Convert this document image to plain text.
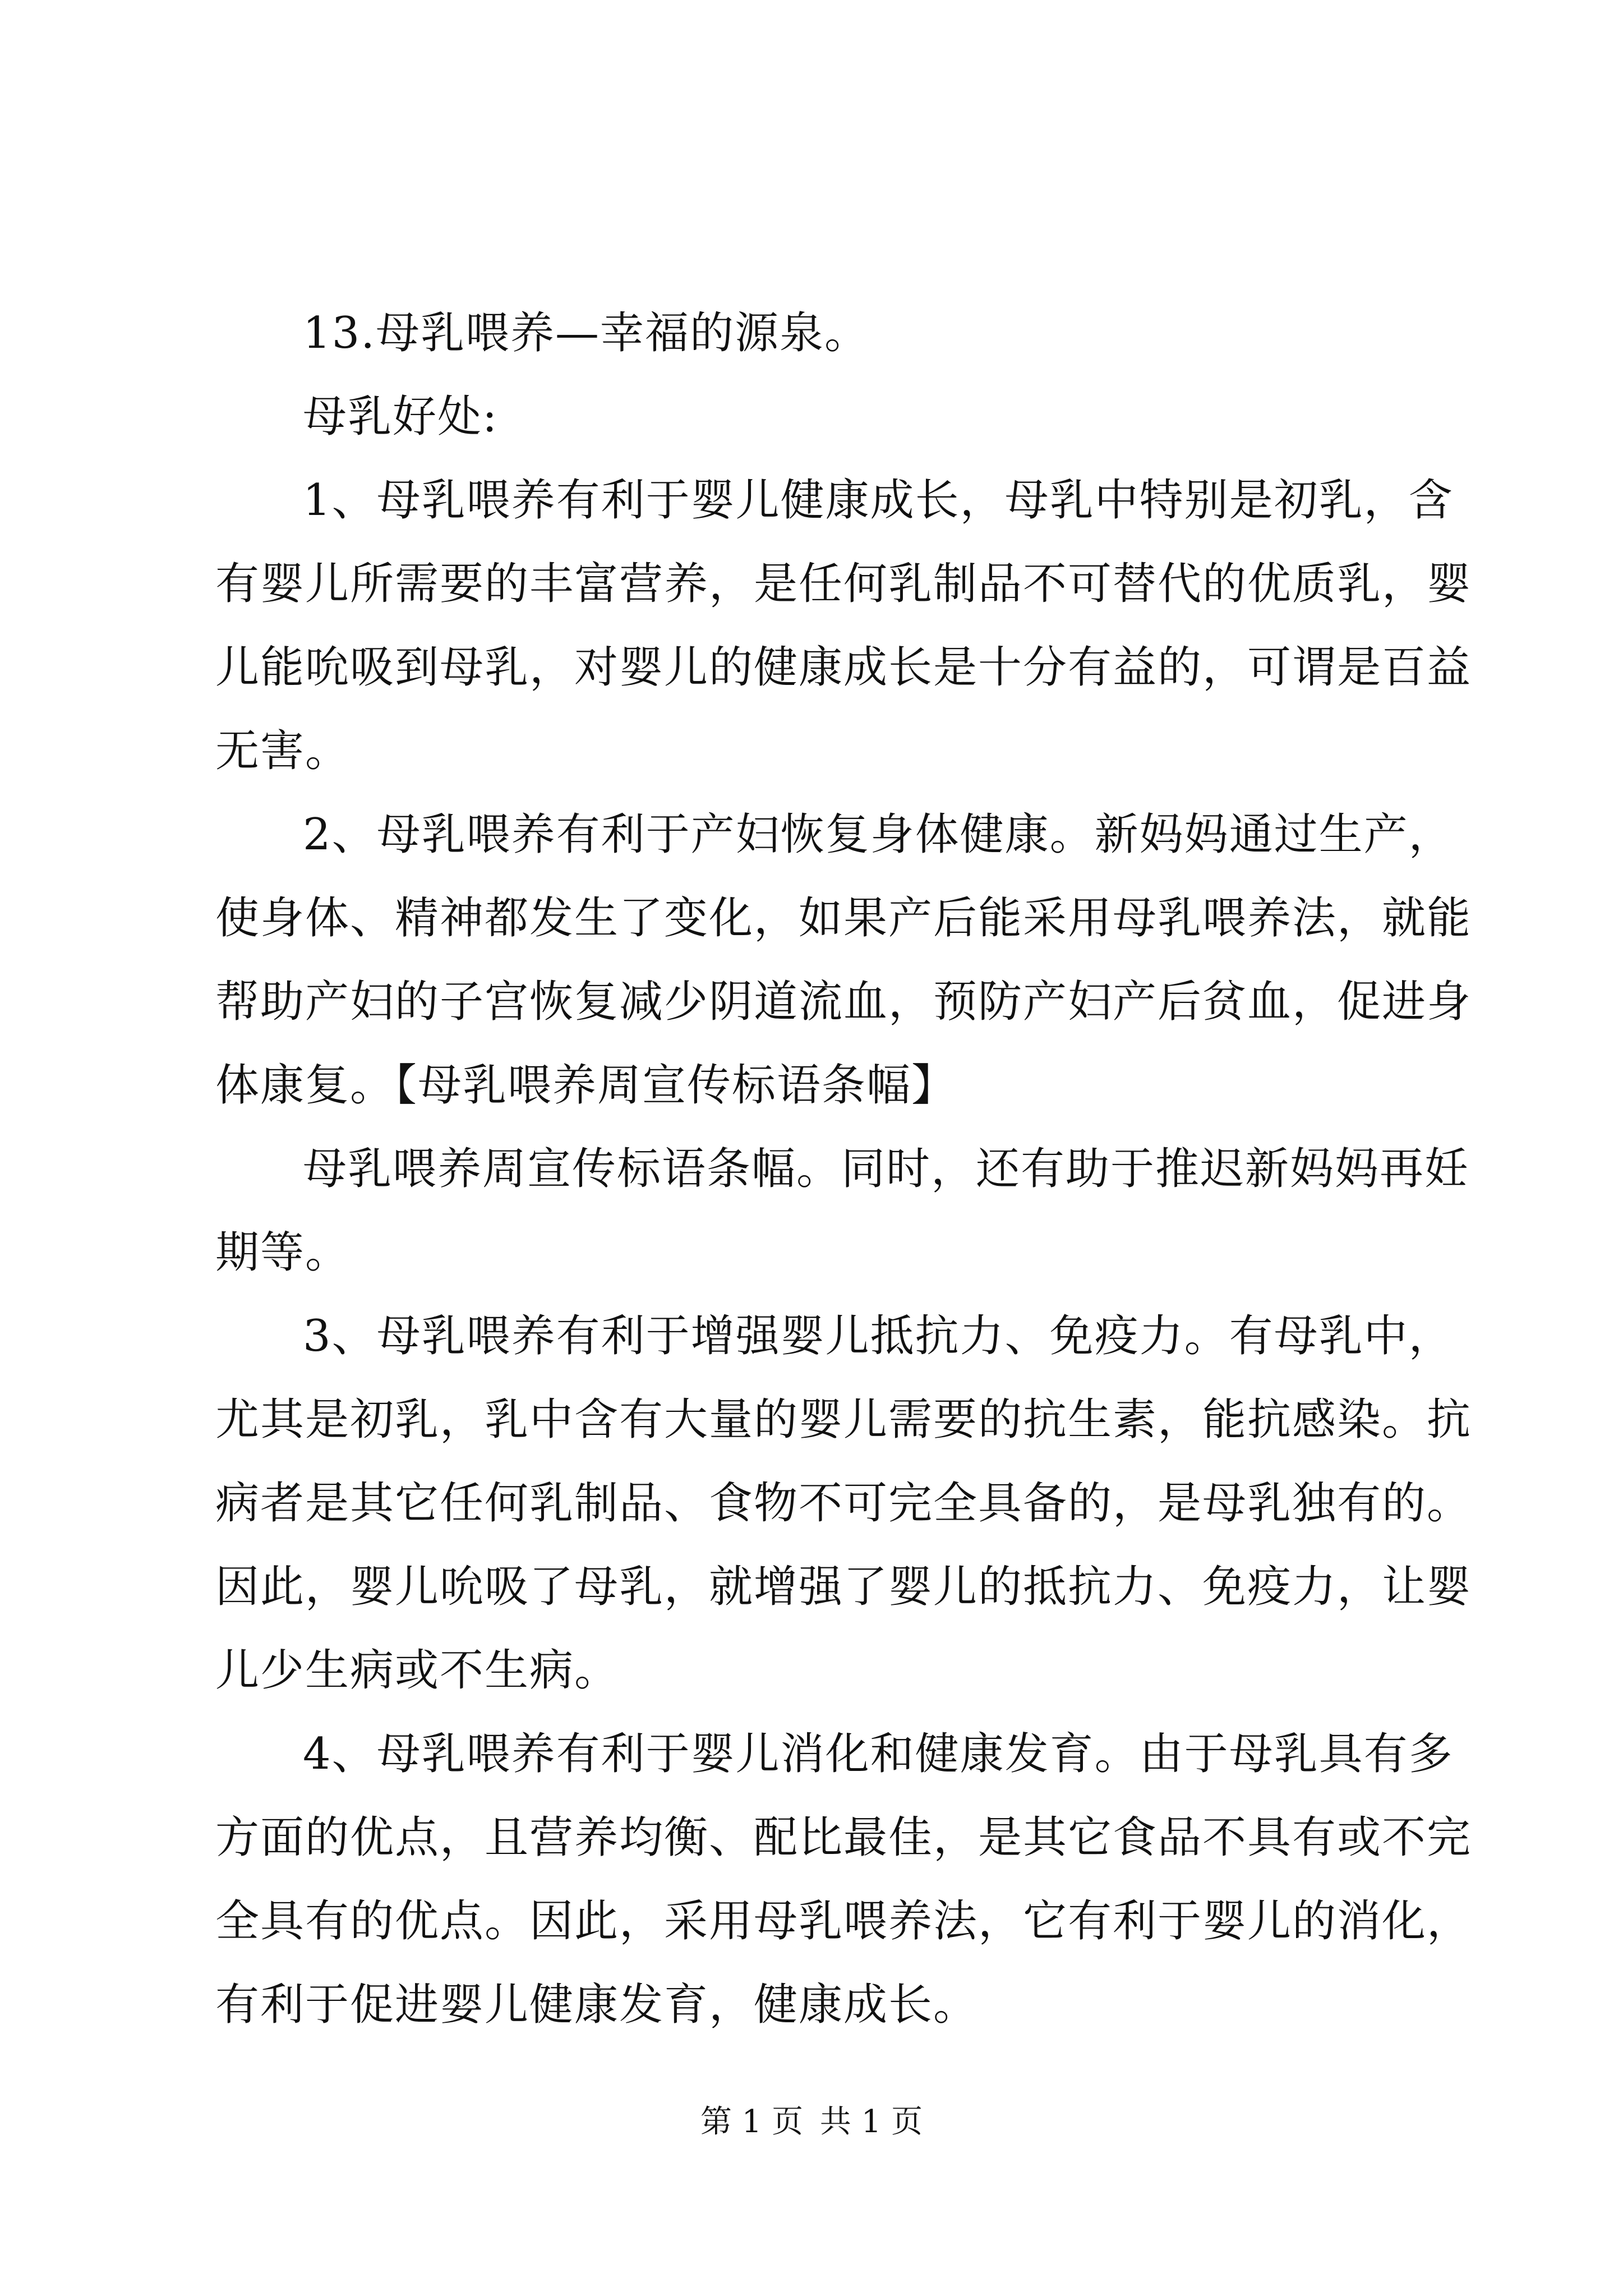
13.母乳喂养—幸福的源泉。

母乳好处:

1、母乳喂养有利于婴儿健康成长，母乳中特别是初乳，含
有婴儿所需要的丰富营养，是任何乳制品不可替代的优质乳，婴
儿能吮吸到母乳，对婴儿的健康成长是十分有益的，可谓是百益
无害。

2、母乳喂养有利于产妇恢复身体健康。新妈妈通过生产，
使身体、精神都发生了变化，如果产后能采用母乳喂养法，就能
帮助产妇的子宫恢复减少阴道流血，预防产妇产后贫血，促进身
体康复。【母乳喂养周宣传标语条幅】

母乳喂养周宣传标语条幅。同时，还有助于推迟新妈妈再妊
期等。

3、母乳喂养有利于增强婴儿抵抗力、免疫力。有母乳中，
尤其是初乳，乳中含有大量的婴儿需要的抗生素，能抗感染。抗
病者是其它任何乳制品、食物不可完全具备的，是母乳独有的。
因此，婴儿吮吸了母乳，就增强了婴儿的抵抗力、免疫力，让婴
儿少生病或不生病。

4、母乳喂养有利于婴儿消化和健康发育。由于母乳具有多
方面的优点，且营养均衡、配比最佳，是其它食品不具有或不完
全具有的优点。因此，采用母乳喂养法，它有利于婴儿的消化，
有利于促进婴儿健康发育，健康成长。

第 1 页 共 1 页
